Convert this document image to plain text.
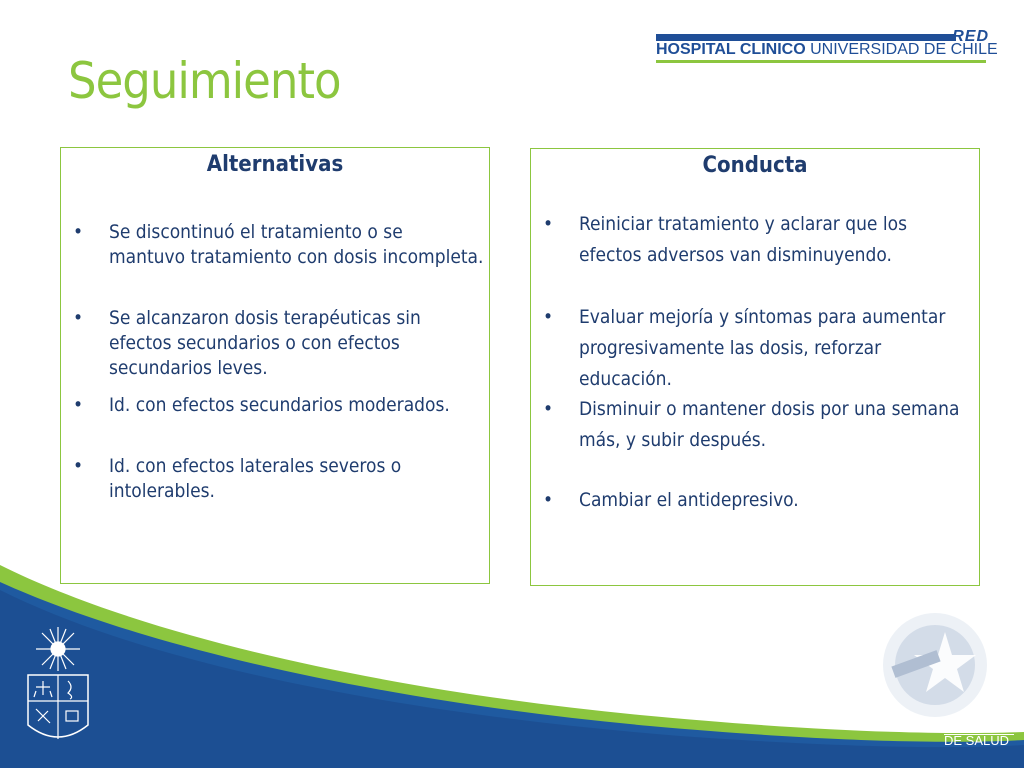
RED
HOSPITAL CLINICO UNIVERSIDAD DE CHILE
Seguimiento
Alternativas
• Se discontinuó el tratamiento o se mantuvo tratamiento con dosis incompleta.
• Se alcanzaron dosis terapéuticas sin efectos secundarios o con efectos secundarios leves.
• Id. con efectos secundarios moderados.
• Id. con efectos laterales severos o intolerables.
Conducta
• Reiniciar tratamiento y aclarar que los efectos adversos van disminuyendo.
• Evaluar mejoría y síntomas para aumentar progresivamente las dosis, reforzar educación.
• Disminuir o mantener dosis por una semana más, y subir después.
• Cambiar el antidepresivo.
Acreditación certificada por
SUPERINTENDENCIA
DE SALUD
